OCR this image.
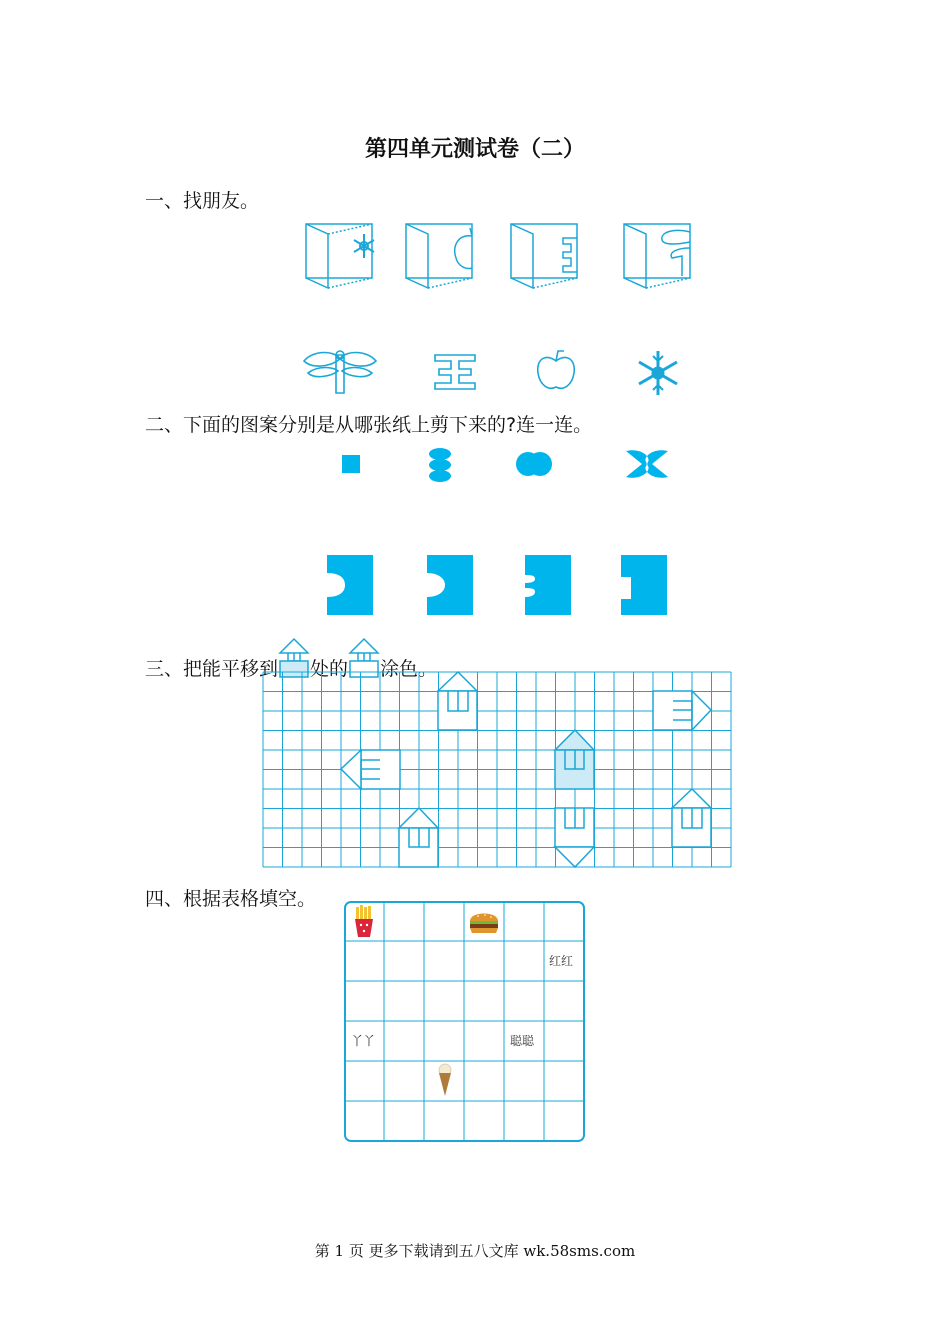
第四单元测试卷（二）
一、找朋友。
二、下面的图案分别是从哪张纸上剪下来的?连一连。
三、把能平移到 处的 涂色。
四、根据表格填空。
红红
丫丫	聪聪
第 1 页 更多下载请到五八文库 wk.58sms.com
